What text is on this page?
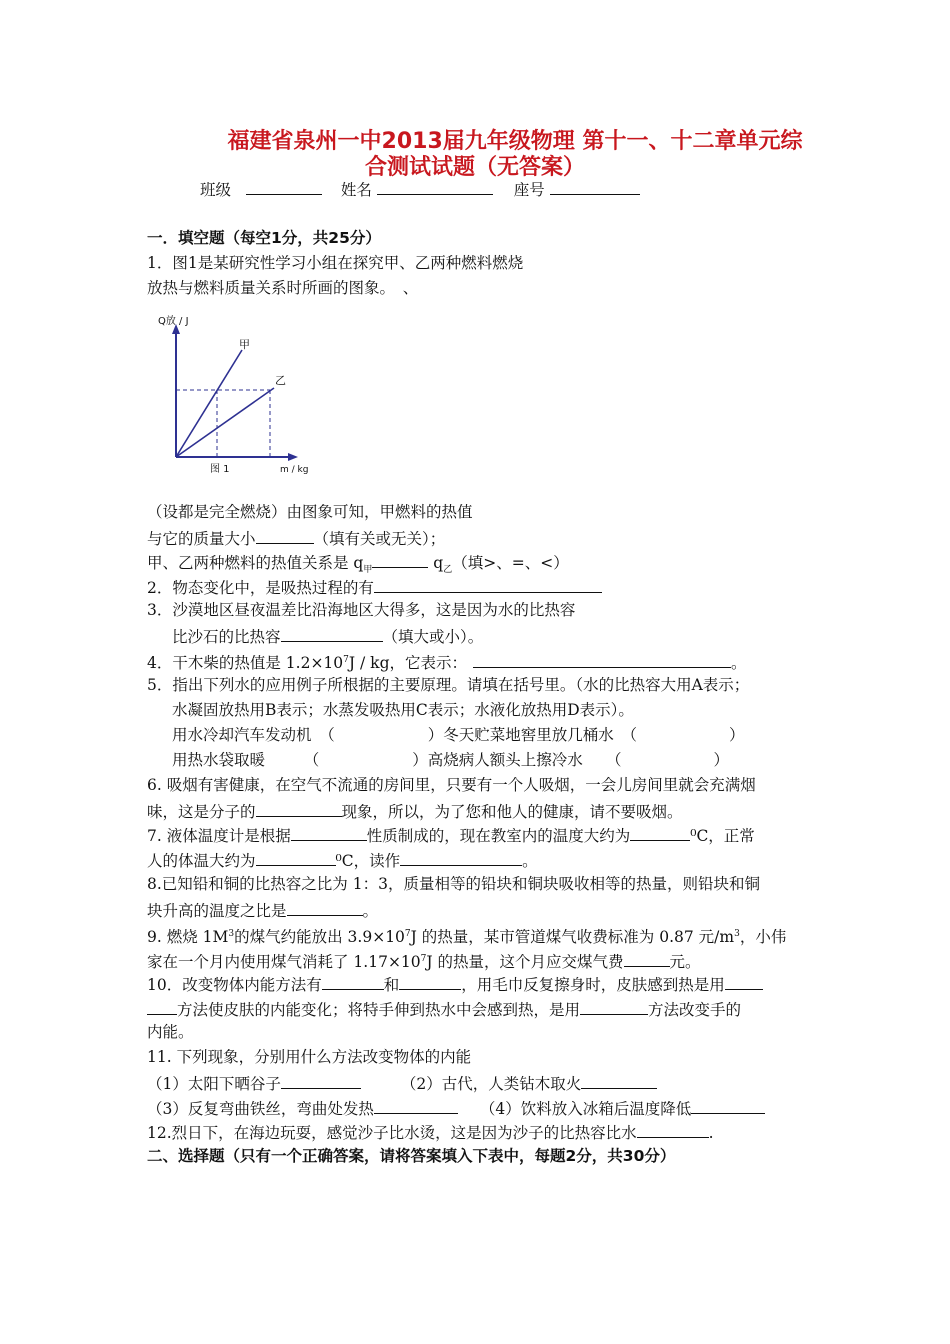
福建省泉州一中2013届九年级物理 第十一、十二章单元综
合测试试题（无答案）
班级	姓名	座号
一．填空题（每空1分，共25分）
1．图1是某研究性学习小组在探究甲、乙两种燃料燃烧
放热与燃料质量关系时所画的图象。　、
Q放 / J
甲
乙
图 1	m / kg
（设都是完全燃烧）由图象可知，甲燃料的热值
与它的质量大小	（填有关或无关）；
甲、乙两种燃料的热值关系是 $q_甲$	$q_乙$（填>、=、<）
2．物态变化中，是吸热过程的有
3．沙漠地区昼夜温差比沿海地区大得多，这是因为水的比热容
比沙石的比热容	（填大或小）。
4．干木柴的热值是 $1.2\times 10^7J$ / kg，它表示：	。
5．指出下列水的应用例子所根据的主要原理。请填在括号里。（水的比热容大用A表示；
水凝固放热用B表示；水蒸发吸热用C表示；水液化放热用D表示）。
用水冷却汽车发动机　（　　　　　　）冬天贮菜地窖里放几桶水　（	）
用热水袋取暖　　　（　　　　　　）高烧病人额头上擦冷水　　（	）
6. 吸烟有害健康，在空气不流通的房间里，只要有一个人吸烟，一会儿房间里就会充满烟
味，这是分子的	现象，所以，为了您和他人的健康，请不要吸烟。
7. 液体温度计是根据	性质制成的，现在教室内的温度大约为	⁰C，正常
人的体温大约为	⁰C，读作	。
8.已知铅和铜的比热容之比为 1：3，质量相等的铅块和铜块吸收相等的热量，则铅块和铜
块升高的温度之比是	。
9. 燃烧 $1M^3$的煤气约能放出 $3.9\times 10^7J$ 的热量，某市管道煤气收费标准为 0.87 元$/m^3$，小伟
家在一个月内使用煤气消耗了 $1.17\times 10^7J$ 的热量，这个月应交煤气费	元。
10．改变物体内能方法有	和	，用毛巾反复擦身时，皮肤感到热是用
方法使皮肤的内能变化；将特手伸到热水中会感到热，是用	方法改变手的
内能。
11. 下列现象，分别用什么方法改变物体的内能
（1）太阳下晒谷子	（2）古代，人类钻木取火
（3）反复弯曲铁丝，弯曲处发热	（4）饮料放入冰箱后温度降低
12.烈日下，在海边玩耍，感觉沙子比水烫，这是因为沙子的比热容比水	.
二、选择题（只有一个正确答案，请将答案填入下表中，每题2分，共30分）
